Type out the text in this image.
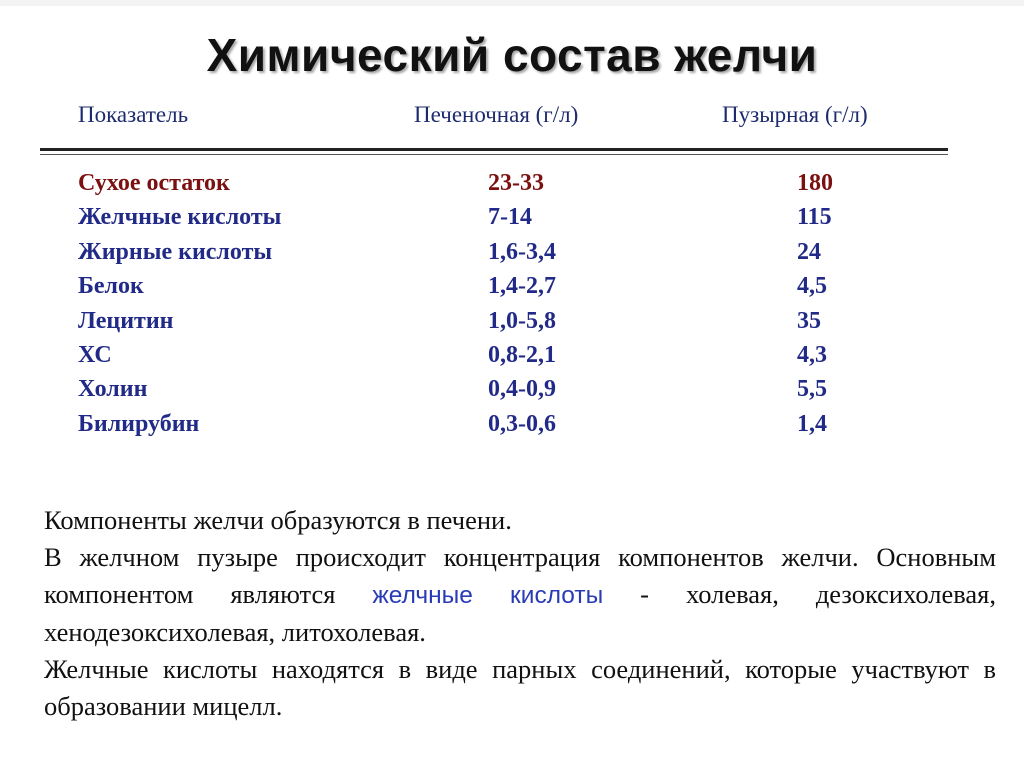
Химический состав желчи
Показатель	Печеночная (г/л)	Пузырная (г/л)
Сухое остаток	23-33	180
Желчные кислоты	7-14	115
Жирные кислоты	1,6-3,4	24
Белок	1,4-2,7	4,5
Лецитин	1,0-5,8	35
ХС	0,8-2,1	4,3
Холин	0,4-0,9	5,5
Билирубин	0,3-0,6	1,4

Компоненты желчи образуются в печени.

В желчном пузыре происходит концентрация компонентов желчи. Основным компонентом являются желчные кислоты - холевая, дезоксихолевая, хенодезоксихолевая, литохолевая.

Желчные кислоты находятся в виде парных соединений, которые участвуют в образовании мицелл.
